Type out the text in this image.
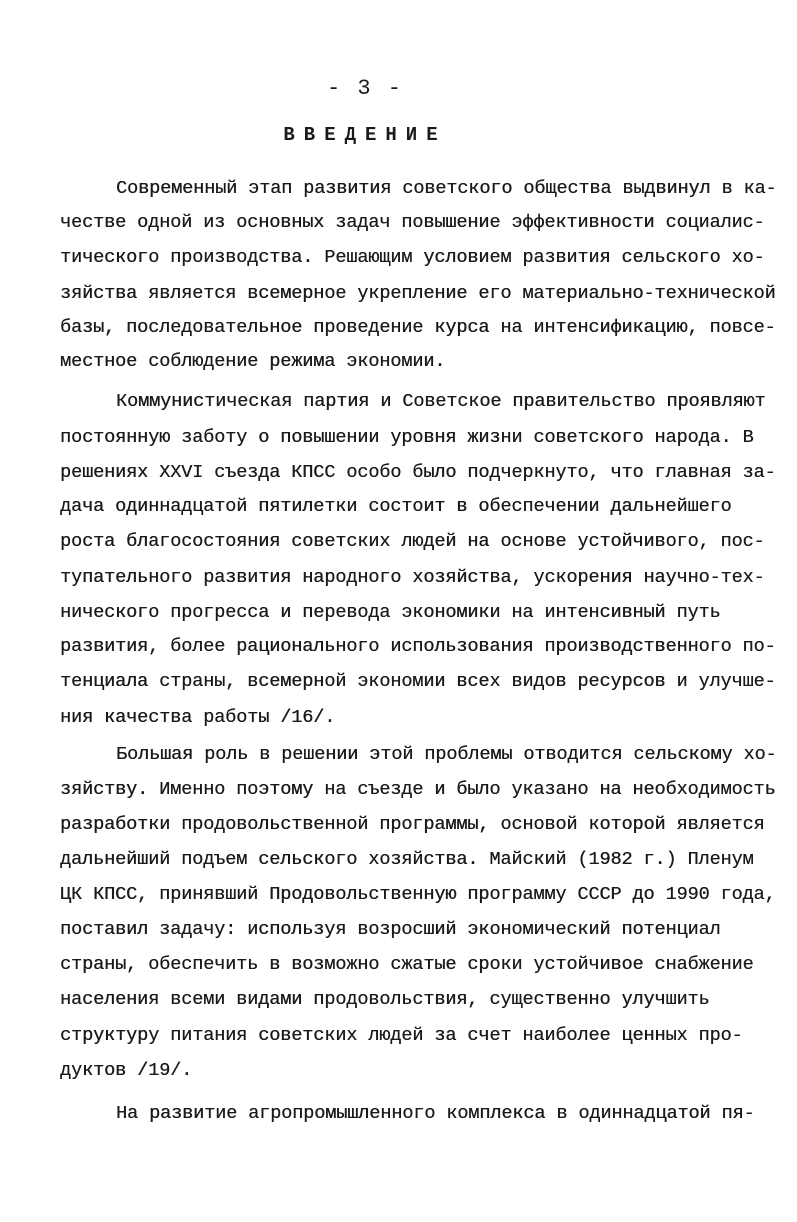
- 3 -
ВВЕДЕНИЕ
Современный этап развития советского общества выдвинул в ка-
честве одной из основных задач повышение эффективности социалис-
тического производства. Решающим условием развития сельского хо-
зяйства является всемерное укрепление его материально-технической
базы, последовательное проведение курса на интенсификацию, повсе-
местное соблюдение режима экономии.
Коммунистическая партия и Советское правительство проявляют
постоянную заботу о повышении уровня жизни советского народа. В
решениях XXVI съезда КПСС особо было подчеркнуто, что главная за-
дача одиннадцатой пятилетки состоит в обеспечении дальнейшего
роста благосостояния советских людей на основе устойчивого, пос-
тупательного развития народного хозяйства, ускорения научно-тех-
нического прогресса и перевода экономики на интенсивный путь
развития, более рационального использования производственного по-
тенциала страны, всемерной экономии всех видов ресурсов и улучше-
ния качества работы /16/.
Большая роль в решении этой проблемы отводится сельскому хо-
зяйству. Именно поэтому на съезде и было указано на необходимость
разработки продовольственной программы, основой которой является
дальнейший подъем сельского хозяйства. Майский (1982 г.) Пленум
ЦК КПСС, принявший Продовольственную программу СССР до 1990 года,
поставил задачу: используя возросший экономический потенциал
страны, обеспечить в возможно сжатые сроки устойчивое снабжение
населения всеми видами продовольствия, существенно улучшить
структуру питания советских людей за счет наиболее ценных про-
дуктов /19/.
На развитие агропромышленного комплекса в одиннадцатой пя-
